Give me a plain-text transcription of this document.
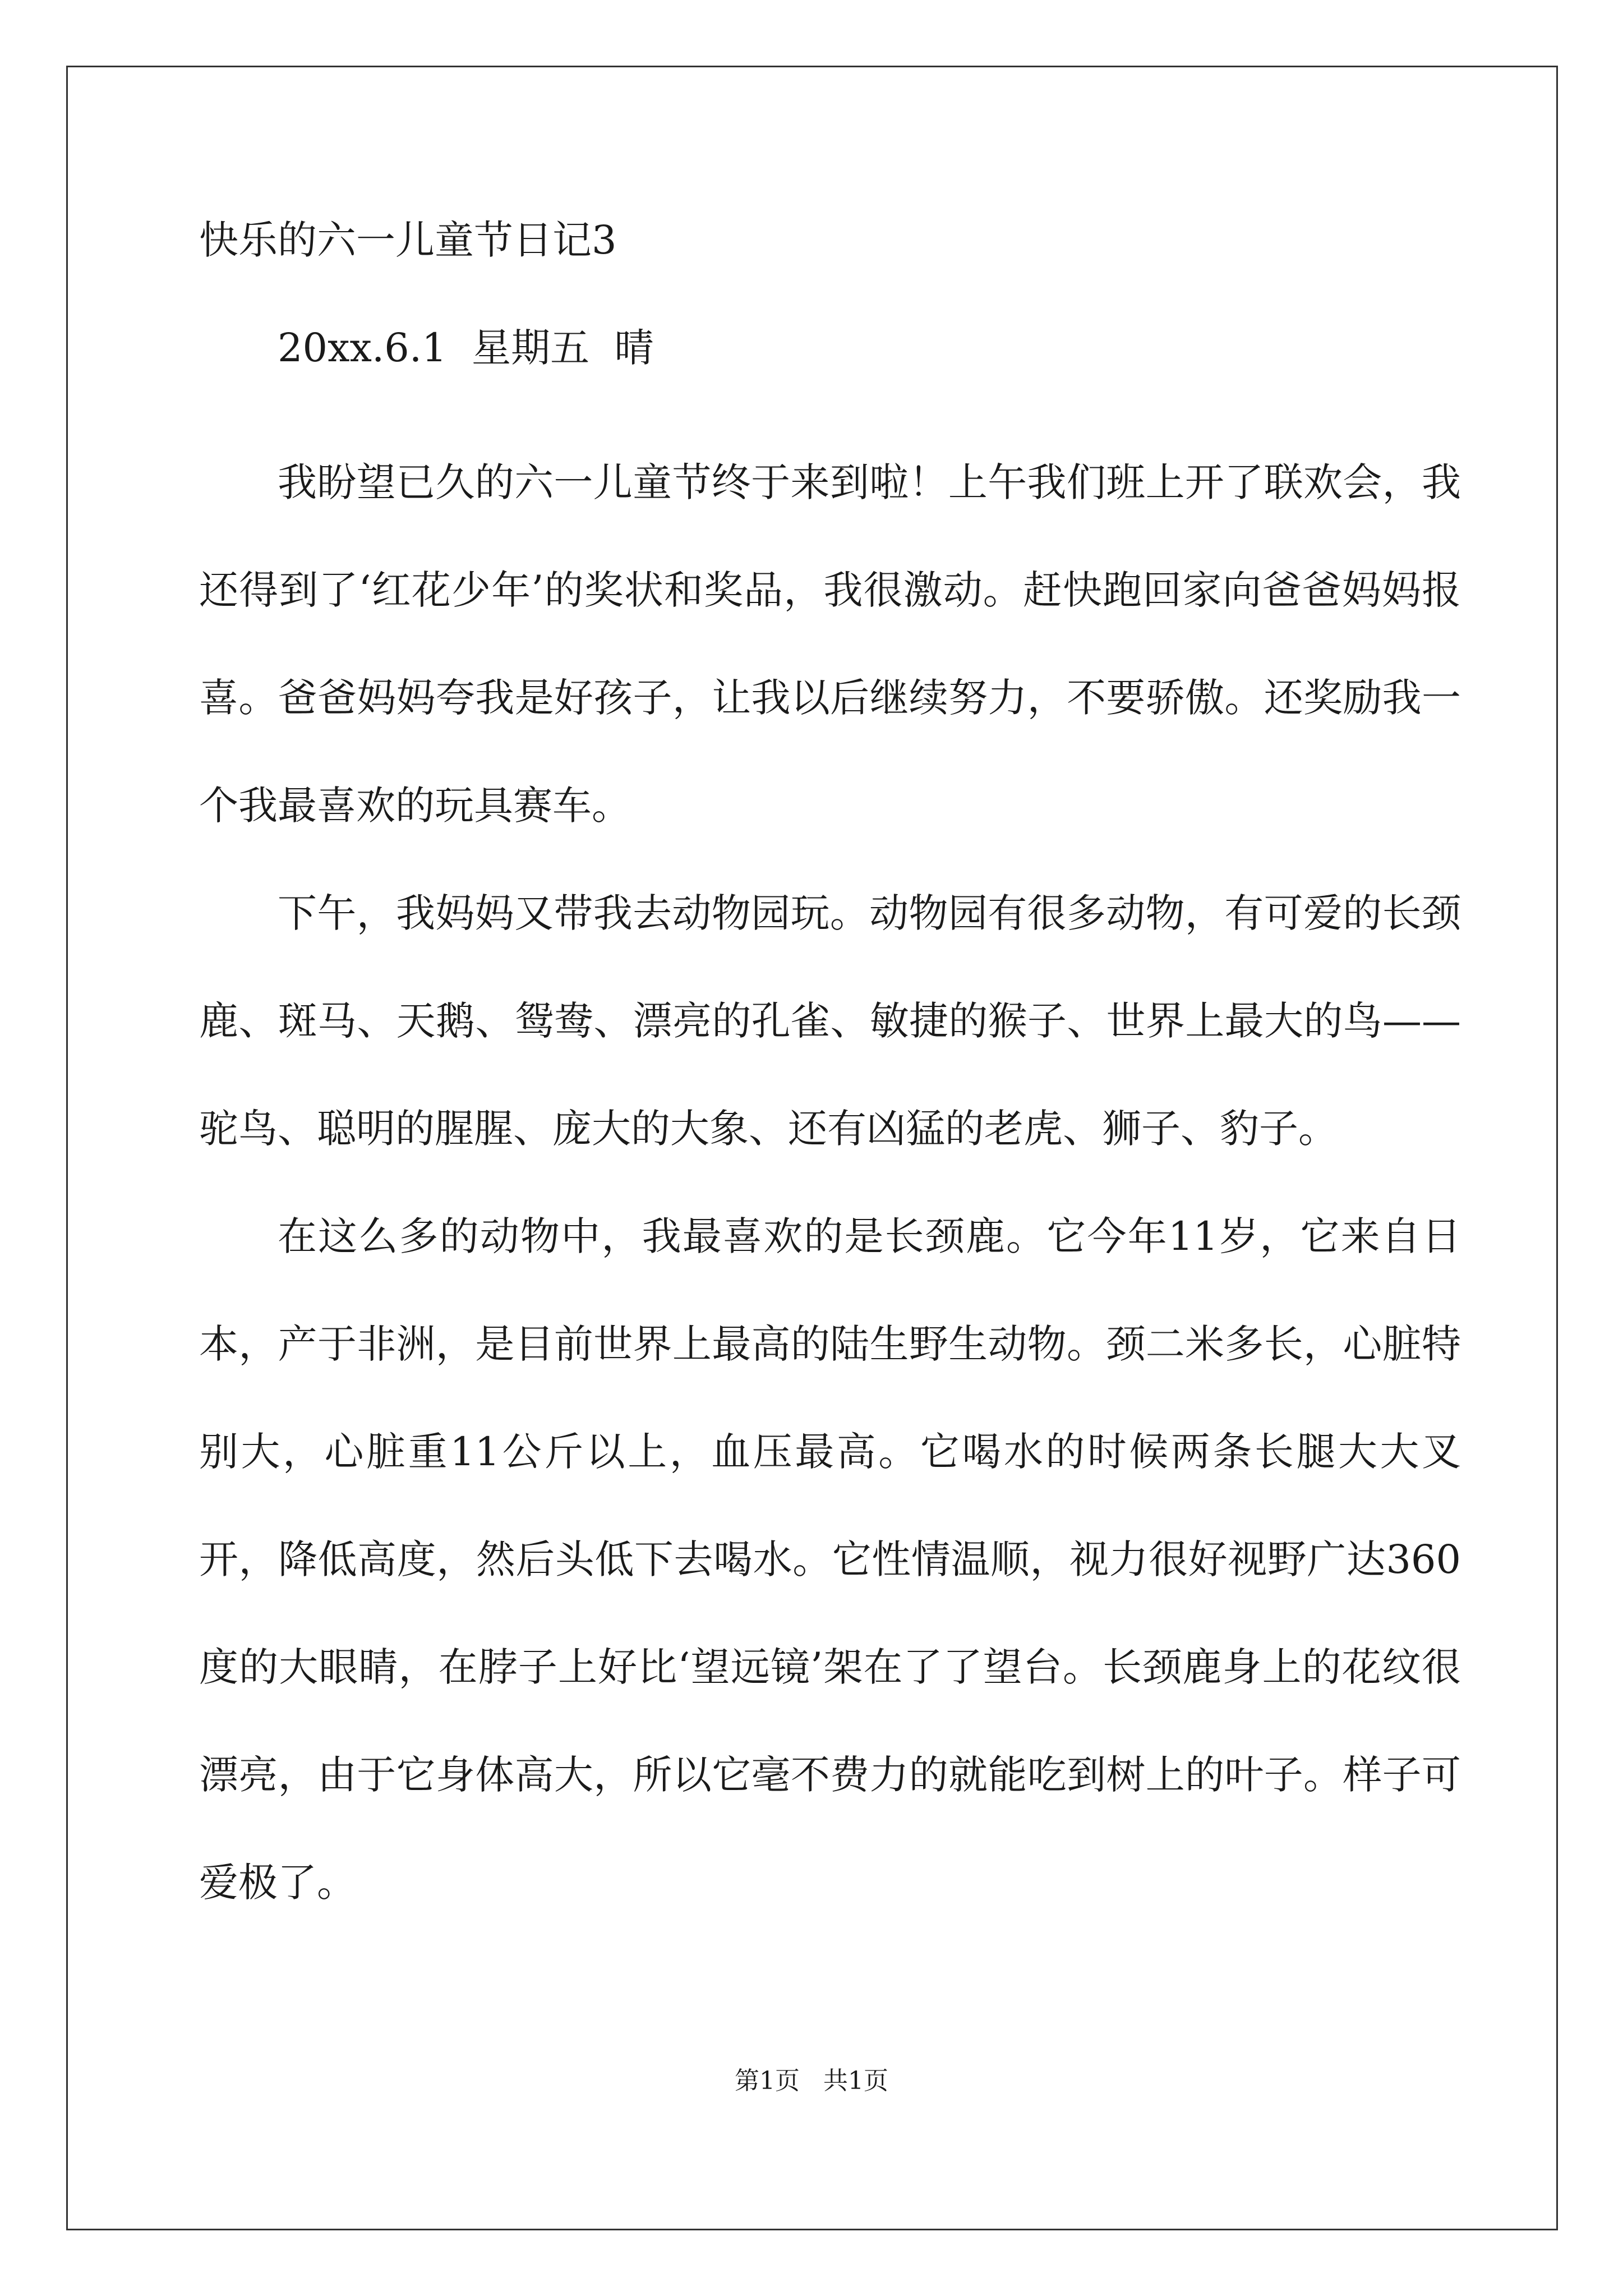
快乐的六一儿童节日记3

20xx.6.1  星期五  晴

我盼望已久的六一儿童节终于来到啦！上午我们班上开了联欢会，我还得到了‘红花少年’的奖状和奖品，我很激动。赶快跑回家向爸爸妈妈报喜。爸爸妈妈夸我是好孩子，让我以后继续努力，不要骄傲。还奖励我一个我最喜欢的玩具赛车。

下午，我妈妈又带我去动物园玩。动物园有很多动物，有可爱的长颈鹿、斑马、天鹅、鸳鸯、漂亮的孔雀、敏捷的猴子、世界上最大的鸟——驼鸟、聪明的腥腥、庞大的大象、还有凶猛的老虎、狮子、豹子。

在这么多的动物中，我最喜欢的是长颈鹿。它今年11岁，它来自日本，产于非洲，是目前世界上最高的陆生野生动物。颈二米多长，心脏特别大，心脏重11公斤以上，血压最高。它喝水的时候两条长腿大大叉开，降低高度，然后头低下去喝水。它性情温顺，视力很好视野广达360度的大眼睛，在脖子上好比‘望远镜’架在了了望台。长颈鹿身上的花纹很漂亮，由于它身体高大，所以它毫不费力的就能吃到树上的叶子。样子可爱极了。

第1页   共1页
